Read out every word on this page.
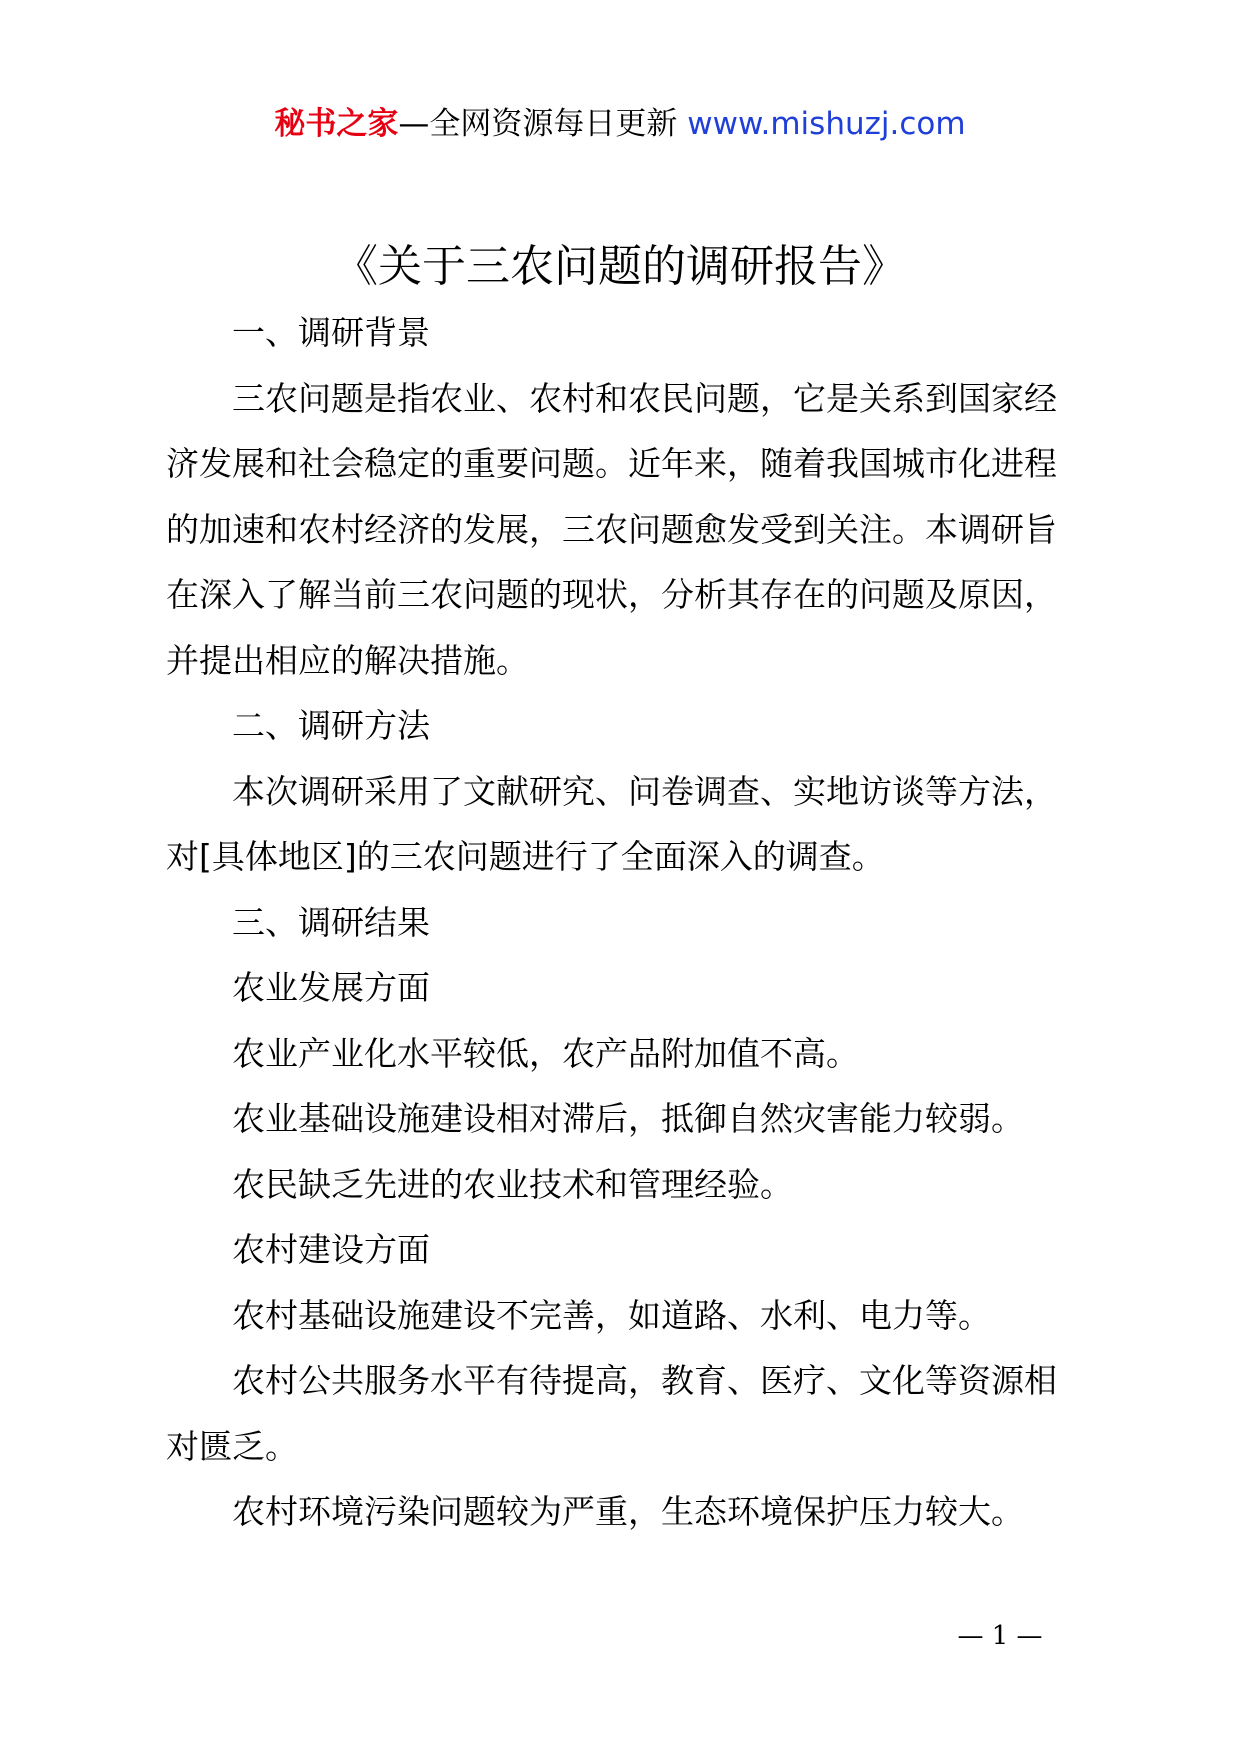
秘书之家—全网资源每日更新 www.mishuzj.com
《关于三农问题的调研报告》

一、调研背景

三农问题是指农业、农村和农民问题，它是关系到国家经济发展和社会稳定的重要问题。近年来，随着我国城市化进程的加速和农村经济的发展，三农问题愈发受到关注。本调研旨在深入了解当前三农问题的现状，分析其存在的问题及原因，并提出相应的解决措施。

二、调研方法

本次调研采用了文献研究、问卷调查、实地访谈等方法，对[具体地区]的三农问题进行了全面深入的调查。

三、调研结果

农业发展方面

农业产业化水平较低，农产品附加值不高。

农业基础设施建设相对滞后，抵御自然灾害能力较弱。

农民缺乏先进的农业技术和管理经验。

农村建设方面

农村基础设施建设不完善，如道路、水利、电力等。

农村公共服务水平有待提高，教育、医疗、文化等资源相对匮乏。

农村环境污染问题较为严重，生态环境保护压力较大。

— 1 —
